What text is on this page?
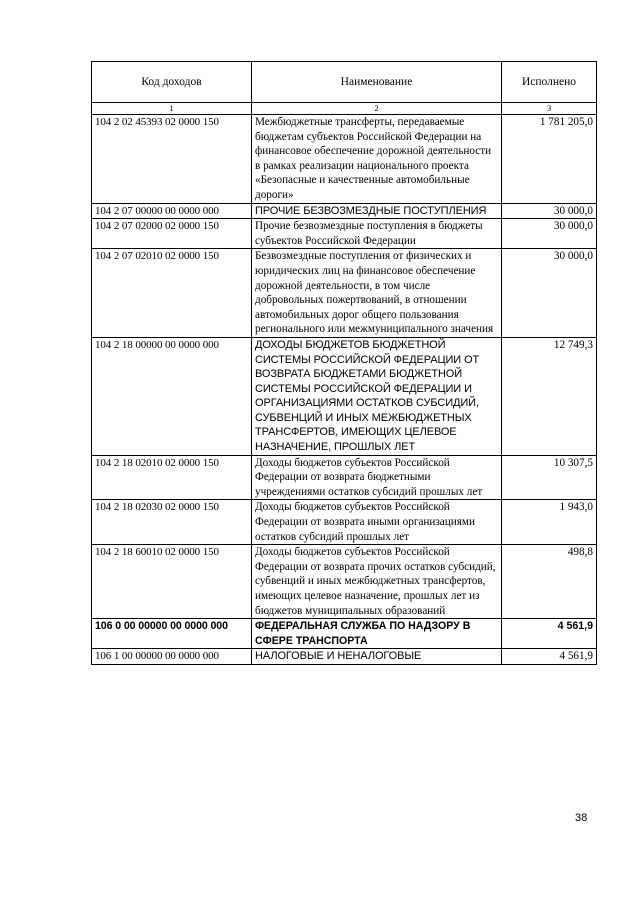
Код доходов	Наименование	Исполнено
1	2	3
104 2 02 45393 02 0000 150	Межбюджетные трансферты, передаваемые бюджетам субъектов Российской Федерации на финансовое обеспечение дорожной деятельности в рамках реализации национального проекта «Безопасные и качественные автомобильные дороги»	1 781 205,0
104 2 07 00000 00 0000 000	ПРОЧИЕ БЕЗВОЗМЕЗДНЫЕ ПОСТУПЛЕНИЯ	30 000,0
104 2 07 02000 02 0000 150	Прочие безвозмездные поступления в бюджеты субъектов Российской Федерации	30 000,0
104 2 07 02010 02 0000 150	Безвозмездные поступления от физических и юридических лиц на финансовое обеспечение дорожной деятельности, в том числе добровольных пожертвований, в отношении автомобильных дорог общего пользования регионального или межмуниципального значения	30 000,0
104 2 18 00000 00 0000 000	ДОХОДЫ БЮДЖЕТОВ БЮДЖЕТНОЙ СИСТЕМЫ РОССИЙСКОЙ ФЕДЕРАЦИИ ОТ ВОЗВРАТА БЮДЖЕТАМИ БЮДЖЕТНОЙ СИСТЕМЫ РОССИЙСКОЙ ФЕДЕРАЦИИ И ОРГАНИЗАЦИЯМИ ОСТАТКОВ СУБСИДИЙ, СУБВЕНЦИЙ И ИНЫХ МЕЖБЮДЖЕТНЫХ ТРАНСФЕРТОВ, ИМЕЮЩИХ ЦЕЛЕВОЕ НАЗНАЧЕНИЕ, ПРОШЛЫХ ЛЕТ	12 749,3
104 2 18 02010 02 0000 150	Доходы бюджетов субъектов Российской Федерации от возврата бюджетными учреждениями остатков субсидий прошлых лет	10 307,5
104 2 18 02030 02 0000 150	Доходы бюджетов субъектов Российской Федерации от возврата иными организациями остатков субсидий прошлых лет	1 943,0
104 2 18 60010 02 0000 150	Доходы бюджетов субъектов Российской Федерации от возврата прочих остатков субсидий, субвенций и иных межбюджетных трансфертов, имеющих целевое назначение, прошлых лет из бюджетов муниципальных образований	498,8
106 0 00 00000 00 0000 000	ФЕДЕРАЛЬНАЯ СЛУЖБА ПО НАДЗОРУ В СФЕРЕ ТРАНСПОРТА	4 561,9
106 1 00 00000 00 0000 000	НАЛОГОВЫЕ И НЕНАЛОГОВЫЕ	4 561,9
38
